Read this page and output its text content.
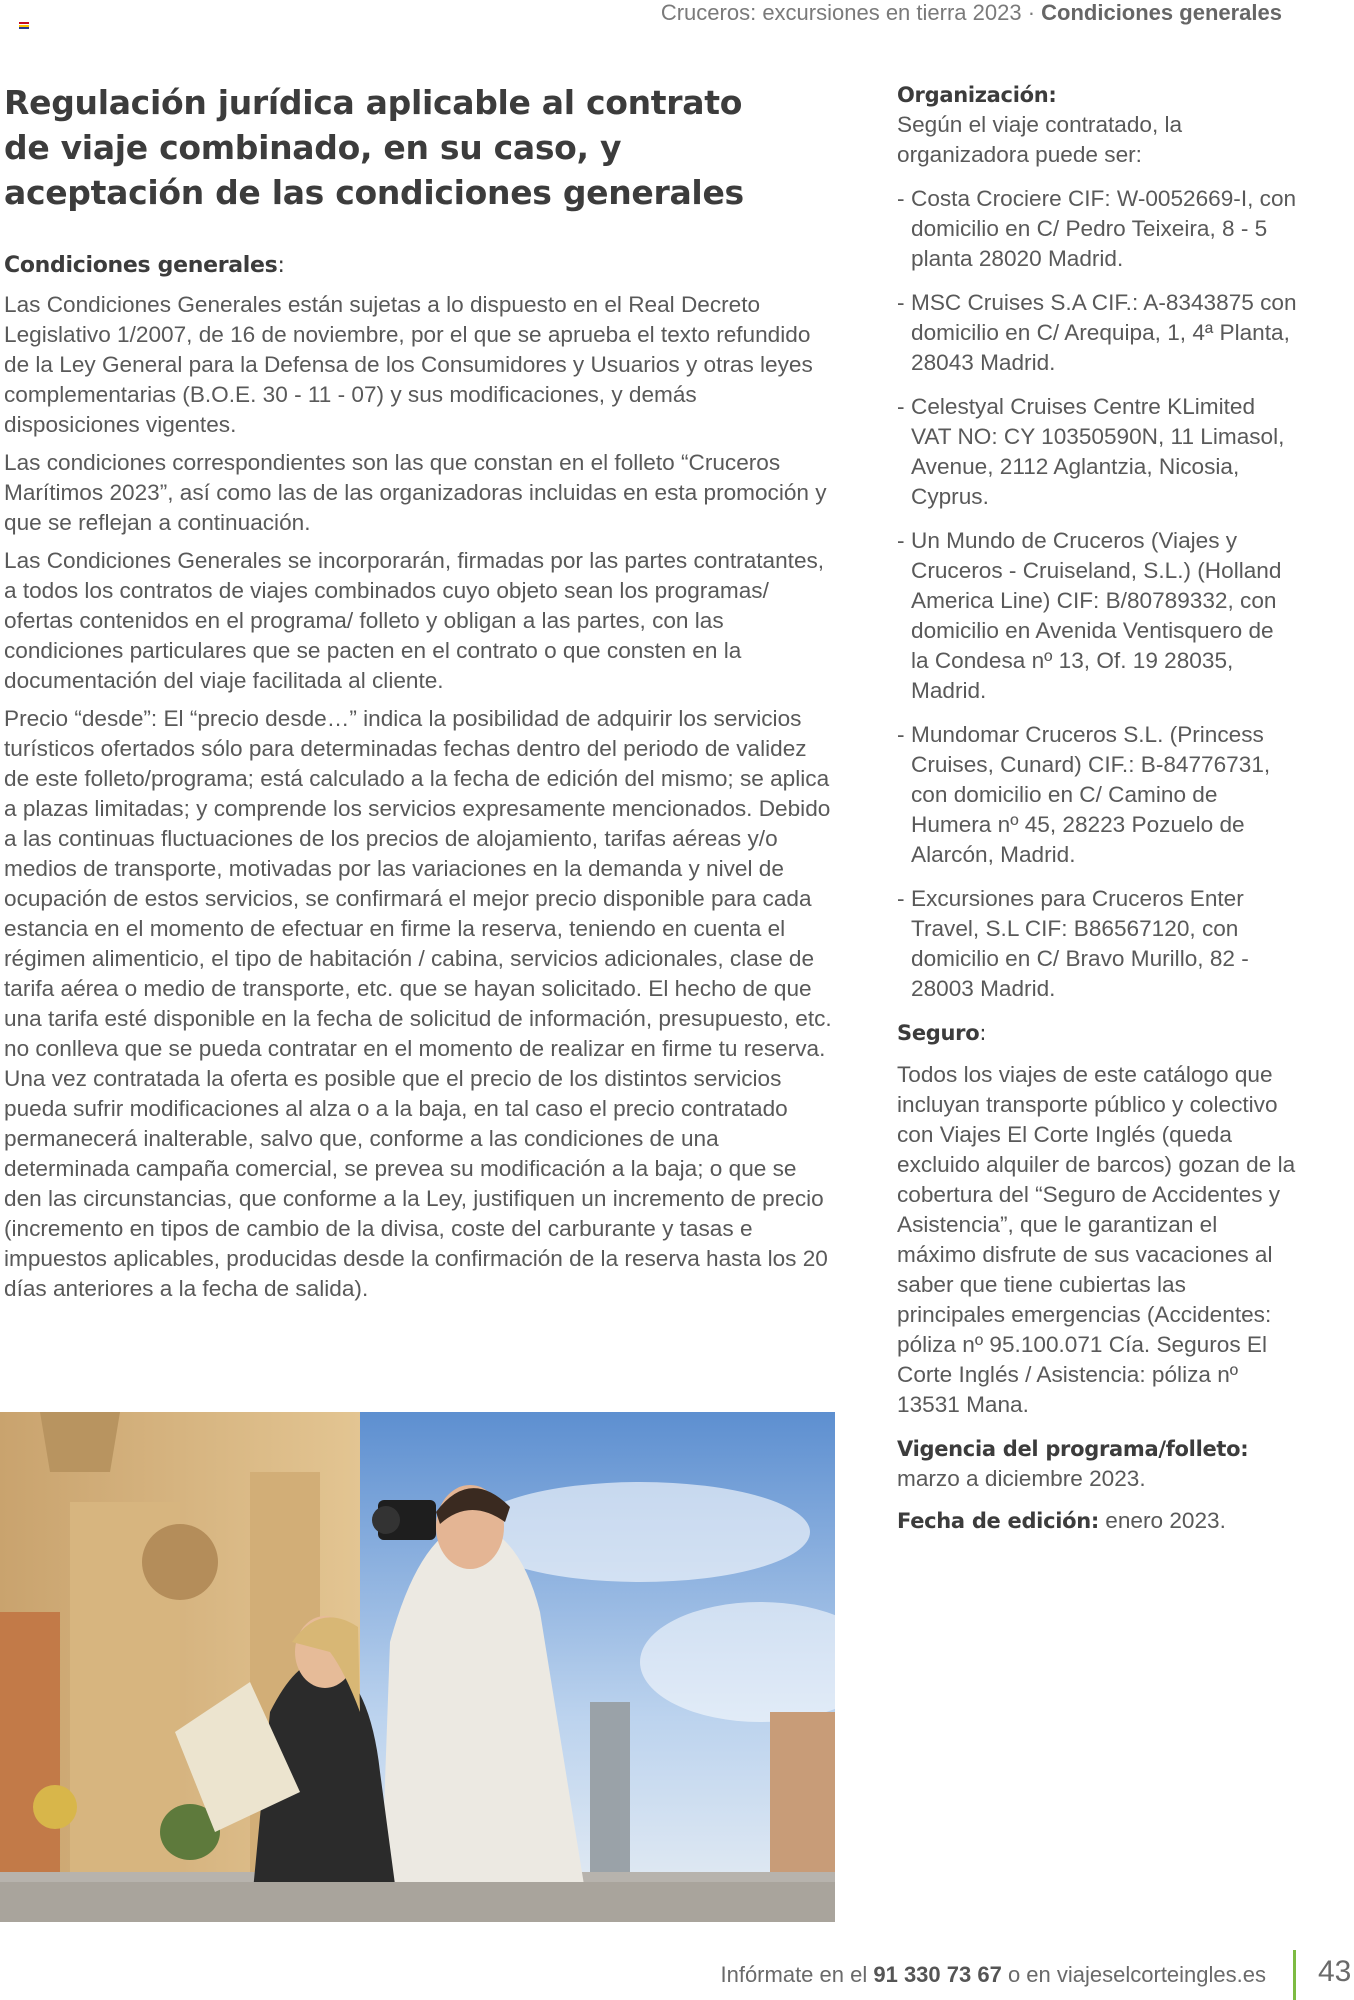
Cruceros: excursiones en tierra 2023 · Condiciones generales
Regulación jurídica aplicable al contrato de viaje combinado, en su caso, y aceptación de las condiciones generales
Condiciones generales:

Las Condiciones Generales están sujetas a lo dispuesto en el Real Decreto Legislativo 1/2007, de 16 de noviembre, por el que se aprueba el texto refundido de la Ley General para la Defensa de los Consumidores y Usuarios y otras leyes complementarias (B.O.E. 30 - 11 - 07) y sus modificaciones, y demás disposiciones vigentes.

Las condiciones correspondientes son las que constan en el folleto “Cruceros Marítimos 2023”, así como las de las organizadoras incluidas en esta promoción y que se reflejan a continuación.

Las Condiciones Generales se incorporarán, firmadas por las partes contratantes, a todos los contratos de viajes combinados cuyo objeto sean los programas/ ofertas contenidos en el programa/ folleto y obligan a las partes, con las condiciones particulares que se pacten en el contrato o que consten en la documentación del viaje facilitada al cliente.

Precio “desde”: El “precio desde…” indica la posibilidad de adquirir los servicios turísticos ofertados sólo para determinadas fechas dentro del periodo de validez de este folleto/programa; está calculado a la fecha de edición del mismo; se aplica a plazas limitadas; y comprende los servicios expresamente mencionados. Debido a las continuas fluctuaciones de los precios de alojamiento, tarifas aéreas y/o medios de transporte, motivadas por las variaciones en la demanda y nivel de ocupación de estos servicios, se confirmará el mejor precio disponible para cada estancia en el momento de efectuar en firme la reserva, teniendo en cuenta el régimen alimenticio, el tipo de habitación / cabina, servicios adicionales, clase de tarifa aérea o medio de transporte, etc. que se hayan solicitado. El hecho de que una tarifa esté disponible en la fecha de solicitud de información, presupuesto, etc. no conlleva que se pueda contratar en el momento de realizar en firme tu reserva. Una vez contratada la oferta es posible que el precio de los distintos servicios pueda sufrir modificaciones al alza o a la baja, en tal caso el precio contratado permanecerá inalterable, salvo que, conforme a las condiciones de una determinada campaña comercial, se prevea su modificación a la baja; o que se den las circunstancias, que conforme a la Ley, justifiquen un incremento de precio (incremento en tipos de cambio de la divisa, coste del carburante y tasas e impuestos aplicables, producidas desde la confirmación de la reserva hasta los 20 días anteriores a la fecha de salida).

Organización:

Según el viaje contratado, la organizadora puede ser:

- Costa Crociere CIF: W-0052669-I, con domicilio en C/ Pedro Teixeira, 8 - 5 planta 28020 Madrid.
- MSC Cruises S.A CIF.: A-8343875 con domicilio en C/ Arequipa, 1, 4ª Planta, 28043 Madrid.
- Celestyal Cruises Centre KLimited VAT NO: CY 10350590N, 11 Limasol, Avenue, 2112 Aglantzia, Nicosia, Cyprus.
- Un Mundo de Cruceros (Viajes y Cruceros - Cruiseland, S.L.) (Holland America Line) CIF: B/80789332, con domicilio en Avenida Ventisquero de la Condesa nº 13, Of. 19 28035, Madrid.
- Mundomar Cruceros S.L. (Princess Cruises, Cunard) CIF.: B-84776731, con domicilio en C/ Camino de Humera nº 45, 28223 Pozuelo de Alarcón, Madrid.
- Excursiones para Cruceros Enter Travel, S.L CIF: B86567120, con domicilio en C/ Bravo Murillo, 82 - 28003 Madrid.
Seguro:

Todos los viajes de este catálogo que incluyan transporte público y colectivo con Viajes El Corte Inglés (queda excluido alquiler de barcos) gozan de la cobertura del “Seguro de Accidentes y Asistencia”, que le garantizan el máximo disfrute de sus vacaciones al saber que tiene cubiertas las principales emergencias (Accidentes: póliza nº 95.100.071 Cía. Seguros El Corte Inglés / Asistencia: póliza nº 13531 Mana.

Vigencia del programa/folleto:
marzo a diciembre 2023.

Fecha de edición: enero 2023.

Infórmate en el 91 330 73 67 o en viajeselcorteingles.es 43
